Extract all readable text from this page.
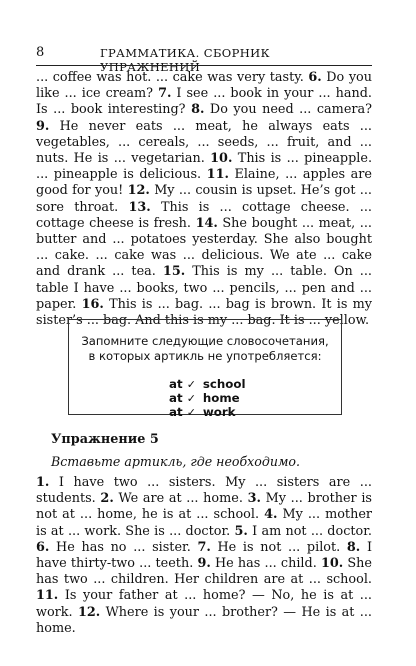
8	ГРАММАТИКА. СБОРНИК УПРАЖНЕНИЙ
... coffee was hot. ... cake was very tasty. 6. Do you like ... ice cream? 7. I see ... book in your ... hand. Is ... book interesting? 8. Do you need ... camera? 9. He never eats ... meat, he always eats ... vegetables, ... cereals, ... seeds, ... fruit, and ... nuts. He is ... vegetarian. 10. This is ... pineapple. ... pineapple is delicious. 11. Elaine, ... apples are good for you! 12. My ... cousin is upset. He’s got ... sore throat. 13. This is ... cottage cheese. ... cottage cheese is fresh. 14. She bought ... meat, ... butter and ... potatoes yesterday. She also bought ... cake. ... cake was ... delicious. We ate ... cake and drank ... tea. 15. This is my ... table. On ... table I have ... books, two ... pencils, ... pen and ... paper. 16. This is ... bag. ... bag is brown. It is my sister’s ... bag. And this is my ... bag. It is ... yellow.
Запомните следующие словосочетания,
в которых артикль не употребляется:
at ✓ school
at ✓ home
at ✓ work
Упражнение 5
Вставьте артикль, где необходимо.
1. I have two ... sisters. My ... sisters are ... students. 2. We are at ... home. 3. My ... brother is not at ... home, he is at ... school. 4. My ... mother is at ... work. She is ... doctor. 5. I am not ... doctor. 6. He has no ... sister. 7. He is not ... pilot. 8. I have thirty-two ... teeth. 9. He has ... child. 10. She has two ... children. Her children are at ... school. 11. Is your father at ... home? — No, he is at ... work. 12. Where is your ... brother? — He is at ... home.
